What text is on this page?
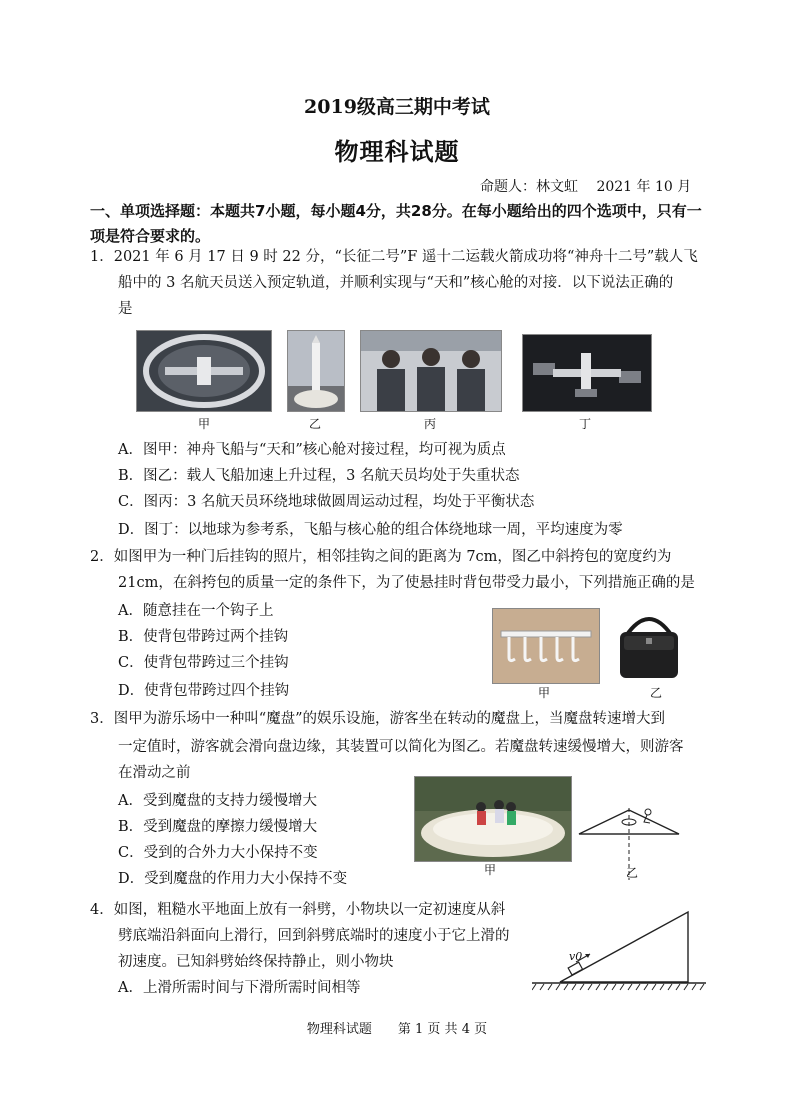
2019级高三期中考试
物理科试题
命题人：林文虹　 2021 年 10 月
一、单项选择题：本题共7小题，每小题4分，共28分。在每小题给出的四个选项中，只有一
项是符合要求的。
1．2021 年 6 月 17 日 9 时 22 分，“长征二号”F 遥十二运载火箭成功将“神舟十二号”载人飞
船中的 3 名航天员送入预定轨道，并顺利实现与“天和”核心舱的对接．以下说法正确的
是
甲	乙	丙	丁
A．图甲：神舟飞船与“天和”核心舱对接过程，均可视为质点
B．图乙：载人飞船加速上升过程，3 名航天员均处于失重状态
C．图丙：3 名航天员环绕地球做圆周运动过程，均处于平衡状态
D．图丁：以地球为参考系，飞船与核心舱的组合体绕地球一周，平均速度为零
2．如图甲为一种门后挂钩的照片，相邻挂钩之间的距离为 7cm，图乙中斜挎包的宽度约为
21cm，在斜挎包的质量一定的条件下，为了使悬挂时背包带受力最小，下列措施正确的是
A．随意挂在一个钩子上
B．使背包带跨过两个挂钩
C．使背包带跨过三个挂钩
D．使背包带跨过四个挂钩	甲	乙
3．图甲为游乐场中一种叫“魔盘”的娱乐设施，游客坐在转动的魔盘上，当魔盘转速增大到
一定值时，游客就会滑向盘边缘，其装置可以简化为图乙。若魔盘转速缓慢增大，则游客
在滑动之前
A．受到魔盘的支持力缓慢增大
B．受到魔盘的摩擦力缓慢增大
C．受到的合外力大小保持不变
D．受到魔盘的作用力大小保持不变
甲	乙
4．如图，粗糙水平地面上放有一斜劈，小物块以一定初速度从斜
劈底端沿斜面向上滑行，回到斜劈底端时的速度小于它上滑的
初速度。已知斜劈始终保持静止，则小物块
A．上滑所需时间与下滑所需时间相等
v0
物理科试题　　第 1 页 共 4 页
